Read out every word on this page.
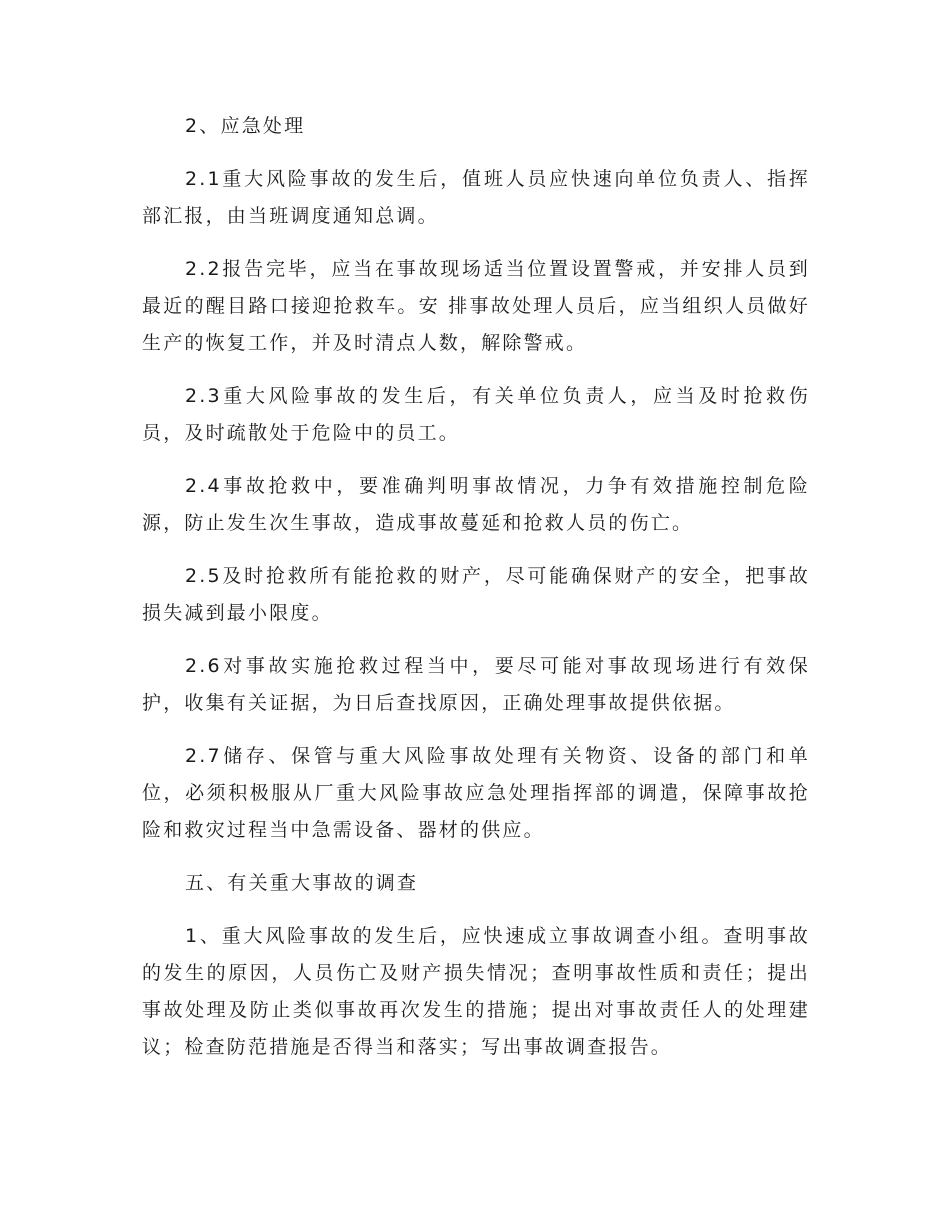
2、应急处理

2.1重大风险事故的发生后，值班人员应快速向单位负责人、指挥部汇报，由当班调度通知总调。

2.2报告完毕，应当在事故现场适当位置设置警戒，并安排人员到最近的醒目路口接迎抢救车。安 排事故处理人员后，应当组织人员做好生产的恢复工作，并及时清点人数，解除警戒。

2.3重大风险事故的发生后，有关单位负责人，应当及时抢救伤员，及时疏散处于危险中的员工。

2.4事故抢救中，要准确判明事故情况，力争有效措施控制危险源，防止发生次生事故，造成事故蔓延和抢救人员的伤亡。

2.5及时抢救所有能抢救的财产，尽可能确保财产的安全，把事故损失减到最小限度。

2.6对事故实施抢救过程当中，要尽可能对事故现场进行有效保护，收集有关证据，为日后查找原因，正确处理事故提供依据。

2.7储存、保管与重大风险事故处理有关物资、设备的部门和单位，必须积极服从厂重大风险事故应急处理指挥部的调遣，保障事故抢险和救灾过程当中急需设备、器材的供应。

五、有关重大事故的调查

1、重大风险事故的发生后，应快速成立事故调查小组。查明事故的发生的原因，人员伤亡及财产损失情况；查明事故性质和责任；提出事故处理及防止类似事故再次发生的措施；提出对事故责任人的处理建议；检查防范措施是否得当和落实；写出事故调查报告。
